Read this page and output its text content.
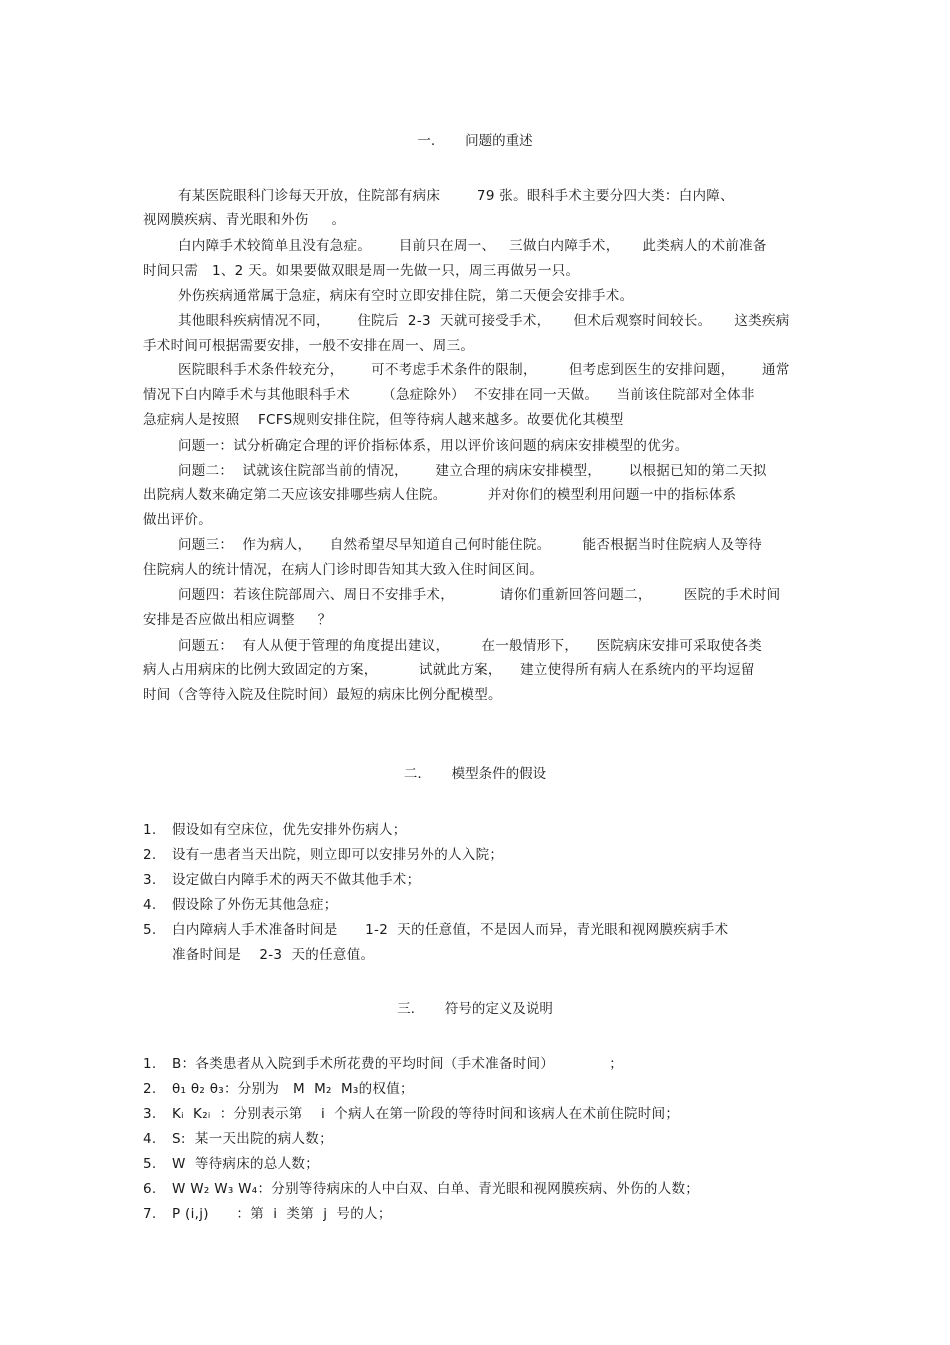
一. 问题的重述
有某医院眼科门诊每天开放，住院部有病床        79 张。眼科手术主要分四大类：白内障、
视网膜疾病、青光眼和外伤     。
白内障手术较简单且没有急症。      目前只在周一、   三做白内障手术，     此类病人的术前准备
时间只需   1、2 天。如果要做双眼是周一先做一只，周三再做另一只。
外伤疾病通常属于急症，病床有空时立即安排住院，第二天便会安排手术。
其他眼科疾病情况不同，      住院后  2-3  天就可接受手术，     但术后观察时间较长。     这类疾病
手术时间可根据需要安排，一般不安排在周一、周三。
医院眼科手术条件较充分，      可不考虑手术条件的限制，       但考虑到医生的安排问题，      通常
情况下白内障手术与其他眼科手术       （急症除外）  不安排在同一天做。    当前该住院部对全体非
急症病人是按照    FCFS规则安排住院，但等待病人越来越多。故要优化其模型
问题一：试分析确定合理的评价指标体系，用以评价该问题的病床安排模型的优劣。
问题二：  试就该住院部当前的情况，      建立合理的病床安排模型，      以根据已知的第二天拟
出院病人数来确定第二天应该安排哪些病人住院。         并对你们的模型利用问题一中的指标体系
做出评价。
问题三：  作为病人，    自然希望尽早知道自己何时能住院。       能否根据当时住院病人及等待
住院病人的统计情况，在病人门诊时即告知其大致入住时间区间。
问题四：若该住院部周六、周日不安排手术，          请你们重新回答问题二，       医院的手术时间
安排是否应做出相应调整     ？
问题五：  有人从便于管理的角度提出建议，       在一般情形下，    医院病床安排可采取使各类
病人占用病床的比例大致固定的方案，         试就此方案，    建立使得所有病人在系统内的平均逗留
时间（含等待入院及住院时间）最短的病床比例分配模型。
二. 模型条件的假设
1. 假设如有空床位，优先安排外伤病人；
2. 设有一患者当天出院，则立即可以安排另外的人入院；
3. 设定做白内障手术的两天不做其他手术；
4. 假设除了外伤无其他急症；
5. 白内障病人手术准备时间是      1-2  天的任意值，不是因人而异，青光眼和视网膜疾病手术
准备时间是    2-3  天的任意值。
三. 符号的定义及说明
1. B：各类患者从入院到手术所花费的平均时间（手术准备时间）            ；
2. θ₁ θ₂ θ₃：分别为   M  M₂  M₃的权值；
3. Kᵢ  K₂ᵢ  ：分别表示第    i  个病人在第一阶段的等待时间和该病人在术前住院时间；
4. S:  某一天出院的病人数；
5. W  等待病床的总人数；
6. W W₂ W₃ W₄：分别等待病床的人中白双、白单、青光眼和视网膜疾病、外伤的人数；
7. P (i,j)      ：第  i  类第  j  号的人；
